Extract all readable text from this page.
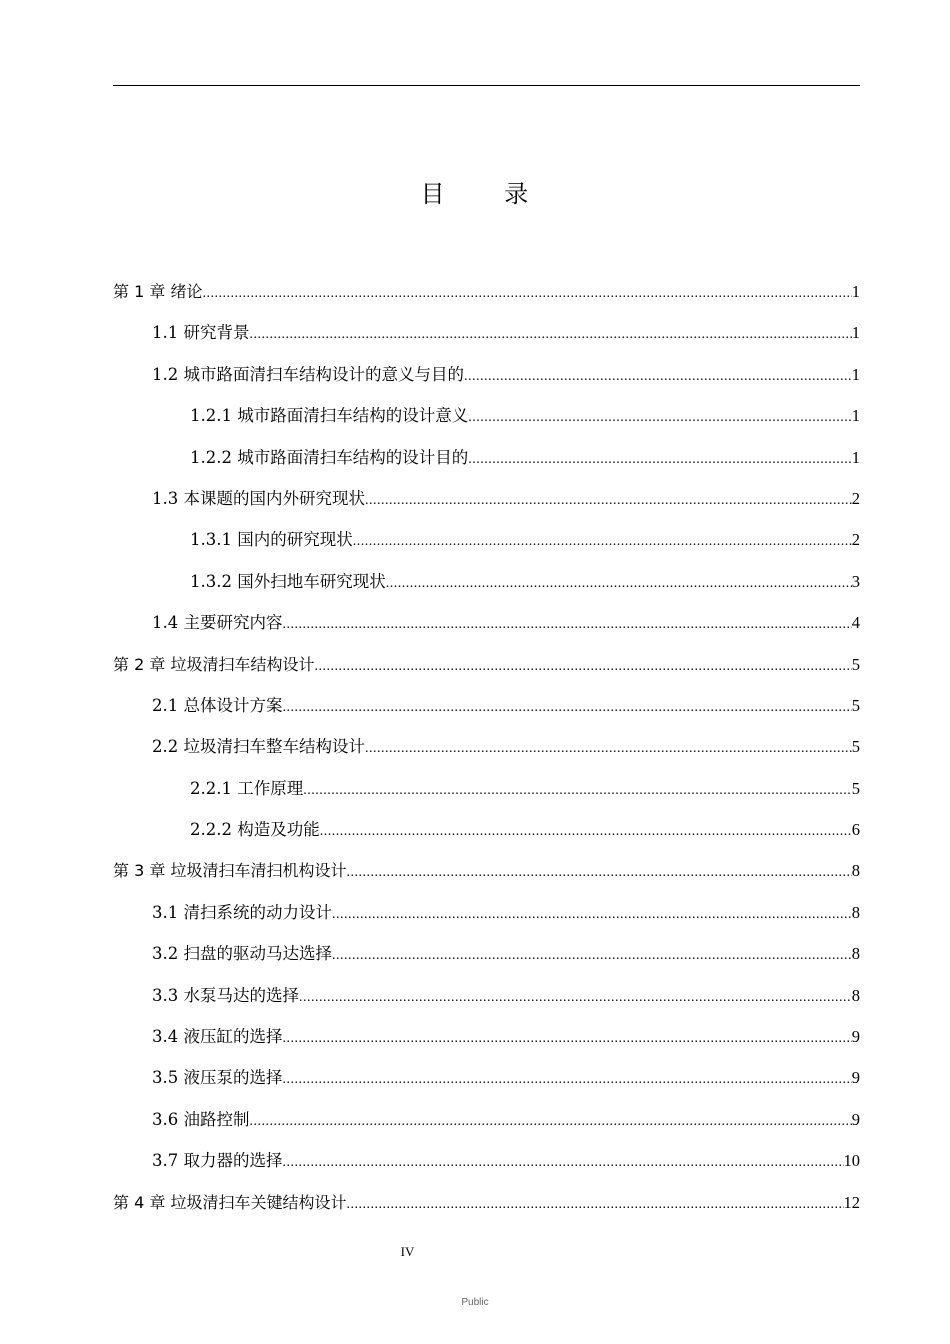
目 录
第 1 章 绪论 .....	1
1.1 研究背景 .....	1
1.2 城市路面清扫车结构设计的意义与目的 .....	1
1.2.1 城市路面清扫车结构的设计意义 .....	1
1.2.2 城市路面清扫车结构的设计目的 .....	1
1.3 本课题的国内外研究现状 .....	2
1.3.1 国内的研究现状 .....	2
1.3.2 国外扫地车研究现状 .....	3
1.4 主要研究内容 .....	4
第 2 章 垃圾清扫车结构设计 .....	5
2.1 总体设计方案 .....	5
2.2 垃圾清扫车整车结构设计 .....	5
2.2.1 工作原理 .....	5
2.2.2 构造及功能 .....	6
第 3 章 垃圾清扫车清扫机构设计 .....	8
3.1 清扫系统的动力设计 .....	8
3.2 扫盘的驱动马达选择 .....	8
3.3 水泵马达的选择 .....	8
3.4 液压缸的选择 .....	9
3.5 液压泵的选择 .....	9
3.6 油路控制 .....	9
3.7 取力器的选择 .....	10
第 4 章 垃圾清扫车关键结构设计 .....	12
IV
Public
